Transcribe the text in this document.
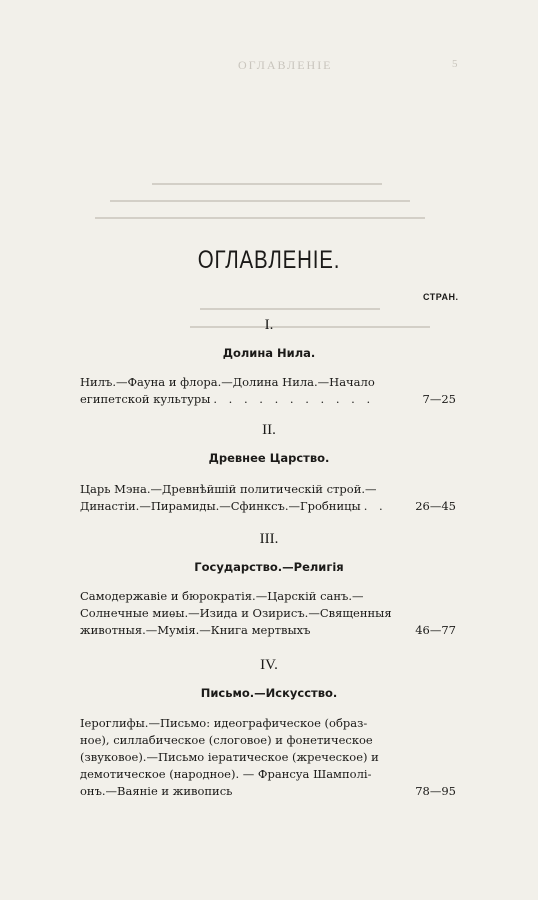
ОГЛАВЛЕНІЕ	5
ОГЛАВЛЕНІЕ.
СТРАН.
I.
Долина Нила.
Нилъ.—Фауна и флора.—Долина Нила.—Начало
египетской культуры . . . . . . . . . . .	7—25
II.
Древнее Царство.
Царь Мэна.—Древнѣйшій политическій строй.—
Династіи.—Пирамиды.—Сфинксъ.—Гробницы . .	26—45
III.
Государство.—Религія
Самодержавіе и бюрократія.—Царскій санъ.—
Солнечные миѳы.—Изида и Озирисъ.—Священныя
животныя.—Мумія.—Книга мертвыхъ	46—77
IV.
Письмо.—Искусство.
Іероглифы.—Письмо: идеографическое (образ-
ное), силлабическое (слоговое) и фонетическое
(звуковое).—Письмо іератическое (жреческое) и
демотическое (народное). — Франсуа Шамполі-
онъ.—Ваяніе и живопись	78—95
